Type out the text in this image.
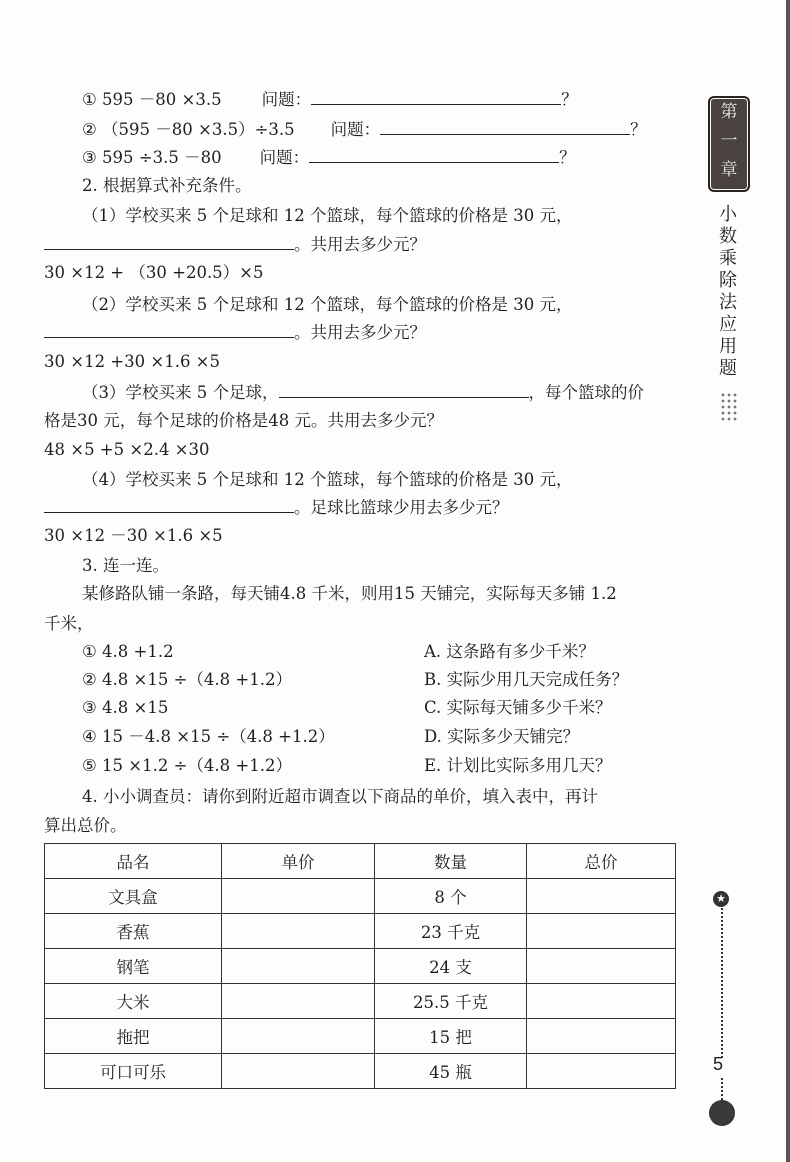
① 595 －80 ×3.5 问题：	？
② （595 －80 ×3.5）÷3.5 问题：	？
③ 595 ÷3.5 －80 问题：	？
2. 根据算式补充条件。
（1）学校买来 5 个足球和 12 个篮球，每个篮球的价格是 30 元，
。共用去多少元？
30 ×12 + （30 +20.5）×5
（2）学校买来 5 个足球和 12 个篮球，每个篮球的价格是 30 元，
。共用去多少元？
30 ×12 +30 ×1.6 ×5
（3）学校买来 5 个足球，	，每个篮球的价
格是30 元，每个足球的价格是48 元。共用去多少元？
48 ×5 +5 ×2.4 ×30
（4）学校买来 5 个足球和 12 个篮球，每个篮球的价格是 30 元，
。足球比篮球少用去多少元？
30 ×12 －30 ×1.6 ×5
3. 连一连。
某修路队铺一条路，每天铺4.8 千米，则用15 天铺完，实际每天多铺 1.2
千米，
① 4.8 +1.2
② 4.8 ×15 ÷（4.8 +1.2）
③ 4.8 ×15
④ 15 －4.8 ×15 ÷（4.8 +1.2）
⑤ 15 ×1.2 ÷（4.8 +1.2）
A. 这条路有多少千米？
B. 实际少用几天完成任务？
C. 实际每天铺多少千米？
D. 实际多少天铺完？
E. 计划比实际多用几天？
4. 小小调查员：请你到附近超市调查以下商品的单价，填入表中，再计
算出总价。
品名	单价	数量	总价
文具盒		8 个	
香蕉		23 千克	
钢笔		24 支	
大米		25.5 千克	
拖把		15 把	
可口可乐		45 瓶	
第
一
章
小
数
乘
除
法
应
用
题
★
5
